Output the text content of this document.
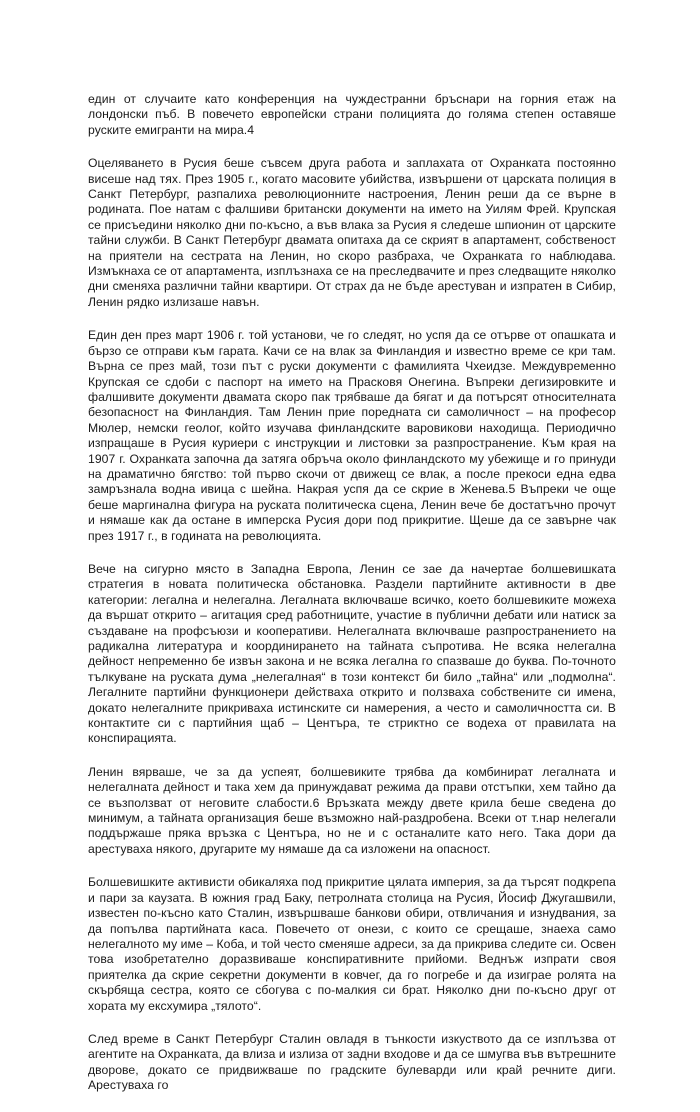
един от случаите като конференция на чуждестранни бръснари на горния етаж на лондонски пъб. В повечето европейски страни полицията до голяма степен оставяше руските емигранти на мира.4

Оцеляването в Русия беше съвсем друга работа и заплахата от Охранката постоянно висеше над тях. През 1905 г., когато масовите убийства, извършени от царската полиция в Санкт Петербург, разпалиха революционните настроения, Ленин реши да се върне в родината. Пое натам с фалшиви британски документи на името на Уилям Фрей. Крупская се присъедини няколко дни по-късно, а във влака за Русия я следеше шпионин от царските тайни служби. В Санкт Петербург двамата опитаха да се скрият в апартамент, собственост на приятели на сестрата на Ленин, но скоро разбраха, че Охранката го наблюдава. Измъкнаха се от апартамента, изплъзнаха се на преследвачите и през следващите няколко дни сменяха различни тайни квартири. От страх да не бъде арестуван и изпратен в Сибир, Ленин рядко излизаше навън.

Един ден през март 1906 г. той установи, че го следят, но успя да се отърве от опашката и бързо се отправи към гарата. Качи се на влак за Финландия и известно време се кри там. Върна се през май, този път с руски документи с фамилията Чхеидзе. Междувременно Крупская се сдоби с паспорт на името на Прасковя Онегина. Въпреки дегизировките и фалшивите документи двамата скоро пак трябваше да бягат и да потърсят относителната безопасност на Финландия. Там Ленин прие поредната си самоличност – на професор Мюлер, немски геолог, който изучава финландските варовикови находища. Периодично изпращаше в Русия куриери с инструкции и листовки за разпространение. Към края на 1907 г. Охранката започна да затяга обръча около финландското му убежище и го принуди на драматично бягство: той първо скочи от движещ се влак, а после прекоси една едва замръзнала водна ивица с шейна. Накрая успя да се скрие в Женева.5 Въпреки че още беше маргинална фигура на руската политическа сцена, Ленин вече бе достатъчно прочут и нямаше как да остане в имперска Русия дори под прикритие. Щеше да се завърне чак през 1917 г., в годината на революцията.

Вече на сигурно място в Западна Европа, Ленин се зае да начертае болшевишката стратегия в новата политическа обстановка. Раздели партийните активности в две категории: легална и нелегална. Легалната включваше всичко, което болшевиките можеха да вършат открито – агитация сред работниците, участие в публични дебати или натиск за създаване на профсъюзи и кооперативи. Нелегалната включваше разпространението на радикална литература и координирането на тайната съпротива. Не всяка нелегална дейност непременно бе извън закона и не всяка легална го спазваше до буква. По-точното тълкуване на руската дума „нелегалная“ в този контекст би било „тайна“ или „подмолна“. Легалните партийни функционери действаха открито и ползваха собствените си имена, докато нелегалните прикриваха истинските си намерения, а често и самоличността си. В контактите си с партийния щаб – Центъра, те стриктно се водеха от правилата на конспирацията.

Ленин вярваше, че за да успеят, болшевиките трябва да комбинират легалната и нелегалната дейност и така хем да принуждават режима да прави отстъпки, хем тайно да се възползват от неговите слабости.6 Връзката между двете крила беше сведена до минимум, а тайната организация беше възможно най-раздробена. Всеки от т.нар нелегали поддържаше пряка връзка с Центъра, но не и с останалите като него. Така дори да арестуваха някого, другарите му нямаше да са изложени на опасност.

Болшевишките активисти обикаляха под прикритие цялата империя, за да търсят подкрепа и пари за каузата. В южния град Баку, петролната столица на Русия, Йосиф Джугашвили, известен по-късно като Сталин, извършваше банкови обири, отвличания и изнудвания, за да попълва партийната каса. Повечето от онези, с които се срещаше, знаеха само нелегалното му име – Коба, и той често сменяше адреси, за да прикрива следите си. Освен това изобретателно доразвиваше конспиративните прийоми. Веднъж изпрати своя приятелка да скрие секретни документи в ковчег, да го погребе и да изиграе ролята на скърбяща сестра, която се сбогува с по-малкия си брат. Няколко дни по-късно друг от хората му ексхумира „тялото“.

След време в Санкт Петербург Сталин овладя в тънкости изкуството да се изплъзва от агентите на Охранката, да влиза и излиза от задни входове и да се шмугва във вътрешните дворове, докато се придвижваше по градските булеварди или край речните диги. Арестуваха го
